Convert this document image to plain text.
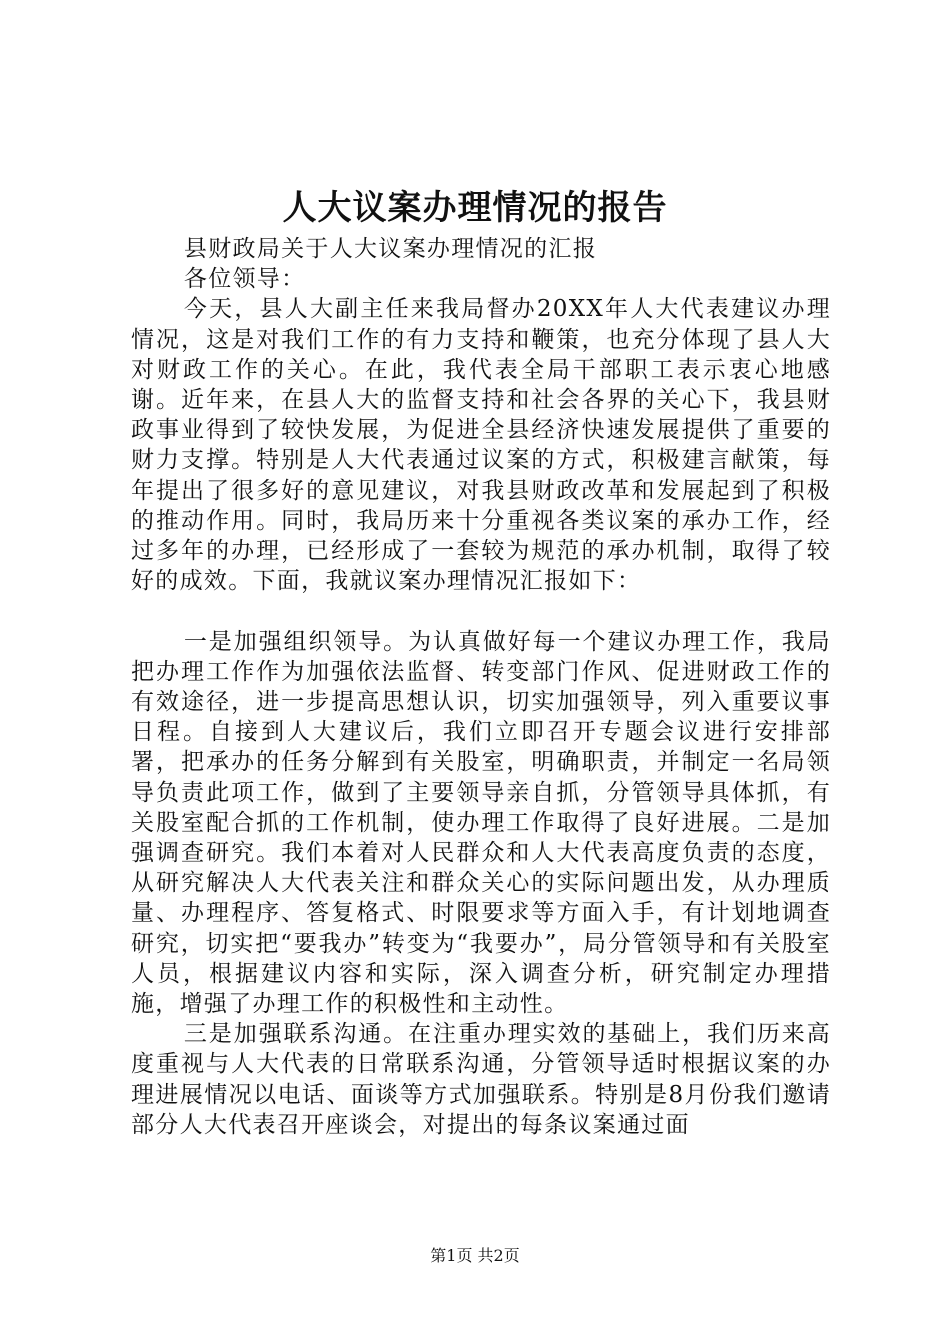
人大议案办理情况的报告

县财政局关于人大议案办理情况的汇报

各位领导：

今天，县人大副主任来我局督办20XX年人大代表建议办理情况，这是对我们工作的有力支持和鞭策，也充分体现了县人大对财政工作的关心。在此，我代表全局干部职工表示衷心地感谢。近年来，在县人大的监督支持和社会各界的关心下，我县财政事业得到了较快发展，为促进全县经济快速发展提供了重要的财力支撑。特别是人大代表通过议案的方式，积极建言献策，每年提出了很多好的意见建议，对我县财政改革和发展起到了积极的推动作用。同时，我局历来十分重视各类议案的承办工作，经过多年的办理，已经形成了一套较为规范的承办机制，取得了较好的成效。下面，我就议案办理情况汇报如下：

一是加强组织领导。为认真做好每一个建议办理工作，我局把办理工作作为加强依法监督、转变部门作风、促进财政工作的有效途径，进一步提高思想认识，切实加强领导，列入重要议事日程。自接到人大建议后，我们立即召开专题会议进行安排部署，把承办的任务分解到有关股室，明确职责，并制定一名局领导负责此项工作，做到了主要领导亲自抓，分管领导具体抓，有关股室配合抓的工作机制，使办理工作取得了良好进展。二是加强调查研究。我们本着对人民群众和人大代表高度负责的态度，从研究解决人大代表关注和群众关心的实际问题出发，从办理质量、办理程序、答复格式、时限要求等方面入手，有计划地调查研究，切实把“要我办”转变为“我要办”，局分管领导和有关股室人员，根据建议内容和实际，深入调查分析，研究制定办理措施，增强了办理工作的积极性和主动性。

三是加强联系沟通。在注重办理实效的基础上，我们历来高度重视与人大代表的日常联系沟通，分管领导适时根据议案的办理进展情况以电话、面谈等方式加强联系。特别是8月份我们邀请部分人大代表召开座谈会，对提出的每条议案通过面

第1页 共2页
